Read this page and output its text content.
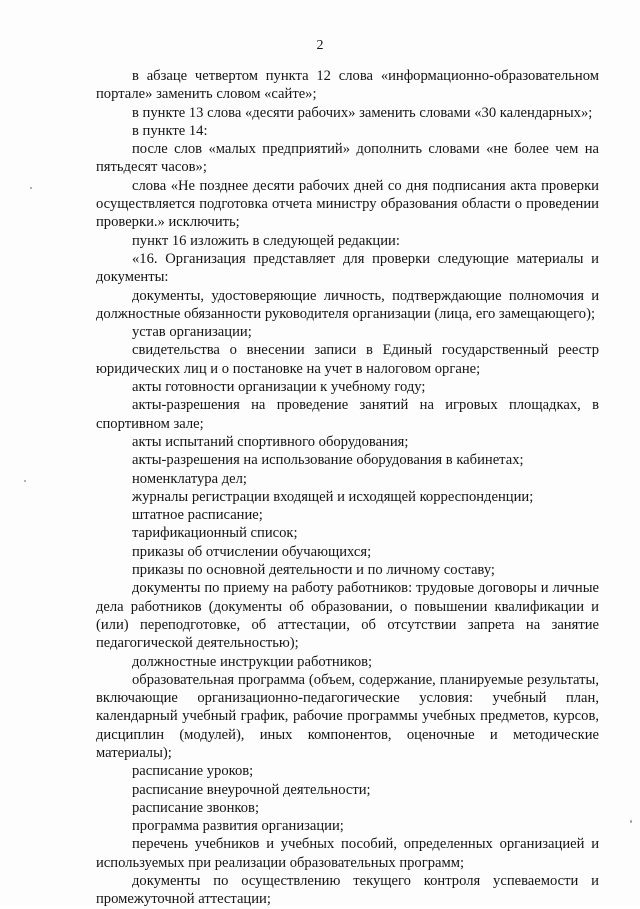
2

в абзаце четвертом пункта 12 слова «информационно-образовательном портале» заменить словом «сайте»;

в пункте 13 слова «десяти рабочих» заменить словами «30 календарных»;

в пункте 14:

после слов «малых предприятий» дополнить словами «не более чем на пятьдесят часов»;

слова «Не позднее десяти рабочих дней со дня подписания акта проверки осуществляется подготовка отчета министру образования области о проведении проверки.» исключить;

пункт 16 изложить в следующей редакции:

«16. Организация представляет для проверки следующие материалы и документы:

документы, удостоверяющие личность, подтверждающие полномочия и должностные обязанности руководителя организации (лица, его замещающего);

устав организации;

свидетельства о внесении записи в Единый государственный реестр юридических лиц и о постановке на учет в налоговом органе;

акты готовности организации к учебному году;

акты-разрешения на проведение занятий на игровых площадках, в спортивном зале;

акты испытаний спортивного оборудования;

акты-разрешения на использование оборудования в кабинетах;

номенклатура дел;

журналы регистрации входящей и исходящей корреспонденции;

штатное расписание;

тарификационный список;

приказы об отчислении обучающихся;

приказы по основной деятельности и по личному составу;

документы по приему на работу работников: трудовые договоры и личные дела работников (документы об образовании, о повышении квалификации и (или) переподготовке, об аттестации, об отсутствии запрета на занятие педагогической деятельностью);

должностные инструкции работников;

образовательная программа (объем, содержание, планируемые результаты, включающие организационно-педагогические условия: учебный план, календарный учебный график, рабочие программы учебных предметов, курсов, дисциплин (модулей), иных компонентов, оценочные и методические материалы);

расписание уроков;

расписание внеурочной деятельности;

расписание звонков;

программа развития организации;

перечень учебников и учебных пособий, определенных организацией и используемых при реализации образовательных программ;

документы по осуществлению текущего контроля успеваемости и промежуточной аттестации;
